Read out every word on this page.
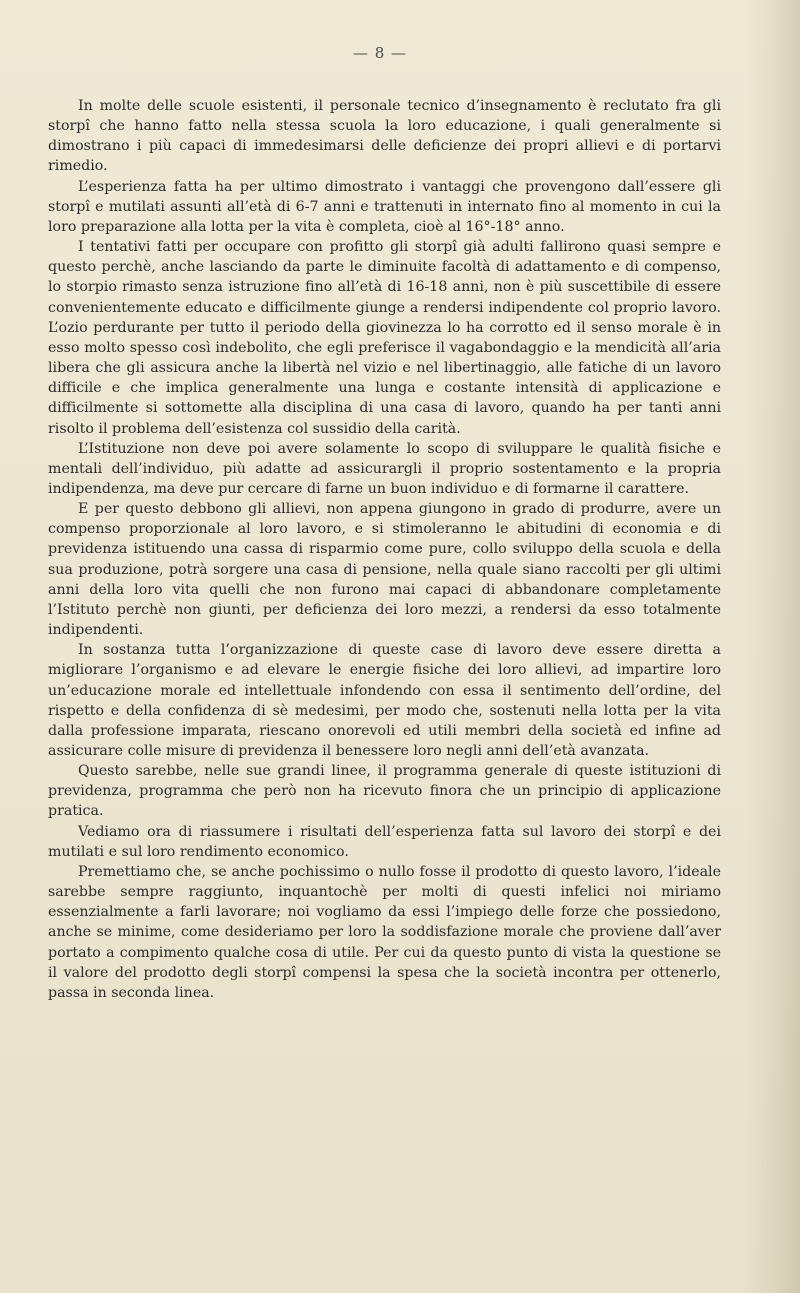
— 8 —

In molte delle scuole esistenti, il personale tecnico d’insegnamento è reclutato fra gli storpî che hanno fatto nella stessa scuola la loro educazione, i quali generalmente si dimostrano i più capaci di immedesimarsi delle deficienze dei propri allievi e di portarvi rimedio.

L’esperienza fatta ha per ultimo dimostrato i vantaggi che provengono dall’essere gli storpî e mutilati assunti all’età di 6-7 anni e trattenuti in internato fino al momento in cui la loro preparazione alla lotta per la vita è completa, cioè al 16°-18° anno.

I tentativi fatti per occupare con profitto gli storpî già adulti fallirono quasi sempre e questo perchè, anche lasciando da parte le diminuite facoltà di adattamento e di compenso, lo storpio rimasto senza istruzione fino all’età di 16-18 anni, non è più suscettibile di essere convenientemente educato e difficilmente giunge a rendersi indipendente col proprio lavoro. L’ozio perdurante per tutto il periodo della giovinezza lo ha corrotto ed il senso morale è in esso molto spesso così indebolito, che egli preferisce il vagabondaggio e la mendicità all’aria libera che gli assicura anche la libertà nel vizio e nel libertinaggio, alle fatiche di un lavoro difficile e che implica generalmente una lunga e costante intensità di applicazione e difficilmente si sottomette alla disciplina di una casa di lavoro, quando ha per tanti anni risolto il problema dell’esistenza col sussidio della carità.

L’Istituzione non deve poi avere solamente lo scopo di sviluppare le qualità fisiche e mentali dell’individuo, più adatte ad assicurargli il proprio sostentamento e la propria indipendenza, ma deve pur cercare di farne un buon individuo e di formarne il carattere.

E per questo debbono gli allievi, non appena giungono in grado di produrre, avere un compenso proporzionale al loro lavoro, e si stimoleranno le abitudini di economia e di previdenza istituendo una cassa di risparmio come pure, collo sviluppo della scuola e della sua produzione, potrà sorgere una casa di pensione, nella quale siano raccolti per gli ultimi anni della loro vita quelli che non furono mai capaci di abbandonare completamente l’Istituto perchè non giunti, per deficienza dei loro mezzi, a rendersi da esso totalmente indipendenti.

In sostanza tutta l’organizzazione di queste case di lavoro deve essere diretta a migliorare l’organismo e ad elevare le energie fisiche dei loro allievi, ad impartire loro un’educazione morale ed intellettuale infondendo con essa il sentimento dell’ordine, del rispetto e della confidenza di sè medesimi, per modo che, sostenuti nella lotta per la vita dalla professione imparata, riescano onorevoli ed utili membri della società ed infine ad assicurare colle misure di previdenza il benessere loro negli anni dell’età avanzata.

Questo sarebbe, nelle sue grandi linee, il programma generale di queste istituzioni di previdenza, programma che però non ha ricevuto finora che un principio di applicazione pratica.

Vediamo ora di riassumere i risultati dell’esperienza fatta sul lavoro dei storpî e dei mutilati e sul loro rendimento economico.

Premettiamo che, se anche pochissimo o nullo fosse il prodotto di questo lavoro, l’ideale sarebbe sempre raggiunto, inquantochè per molti di questi infelici noi miriamo essenzialmente a farli lavorare; noi vogliamo da essi l’impiego delle forze che possiedono, anche se minime, come desideriamo per loro la soddisfazione morale che proviene dall’aver portato a compimento qualche cosa di utile. Per cui da questo punto di vista la questione se il valore del prodotto degli storpî compensi la spesa che la società incontra per ottenerlo, passa in seconda linea.
